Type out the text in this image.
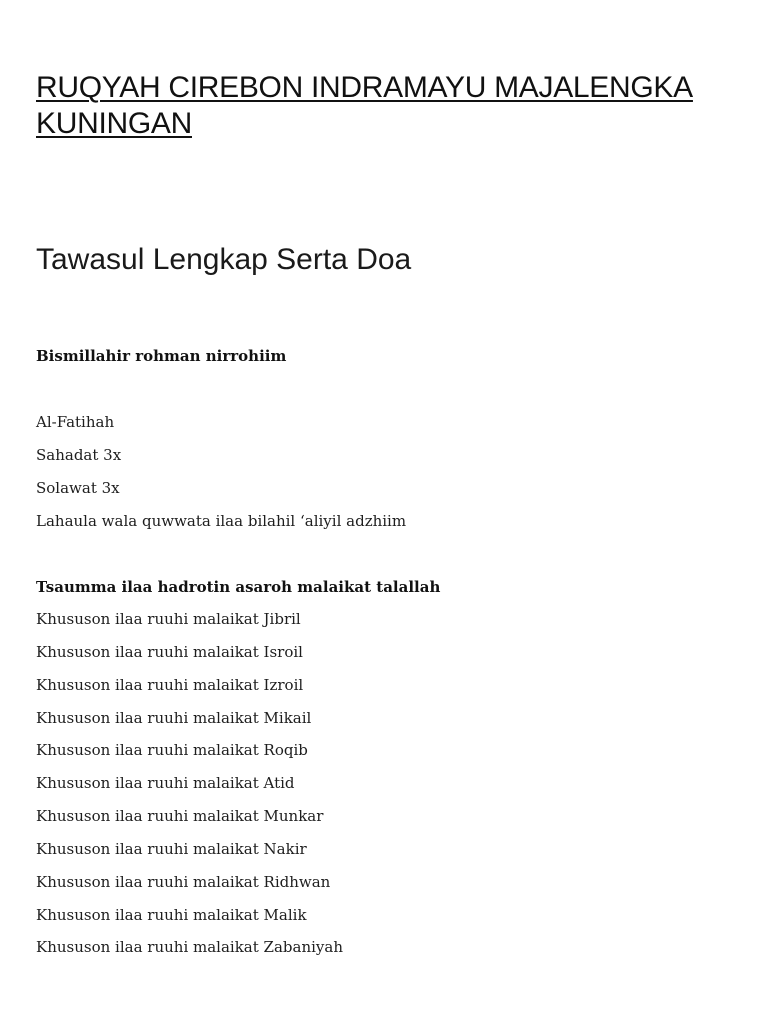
RUQYAH CIREBON INDRAMAYU MAJALENGKA KUNINGAN
Tawasul Lengkap Serta Doa
Bismillahir rohman nirrohiim
Al-Fatihah
Sahadat 3x
Solawat 3x
Lahaula wala quwwata ilaa bilahil ‘aliyil adzhiim
Tsaumma ilaa hadrotin asaroh malaikat talallah
Khususon ilaa ruuhi malaikat Jibril
Khususon ilaa ruuhi malaikat Isroil
Khususon ilaa ruuhi malaikat Izroil
Khususon ilaa ruuhi malaikat Mikail
Khususon ilaa ruuhi malaikat Roqib
Khususon ilaa ruuhi malaikat Atid
Khususon ilaa ruuhi malaikat Munkar
Khususon ilaa ruuhi malaikat Nakir
Khususon ilaa ruuhi malaikat Ridhwan
Khususon ilaa ruuhi malaikat Malik
Khususon ilaa ruuhi malaikat Zabaniyah
